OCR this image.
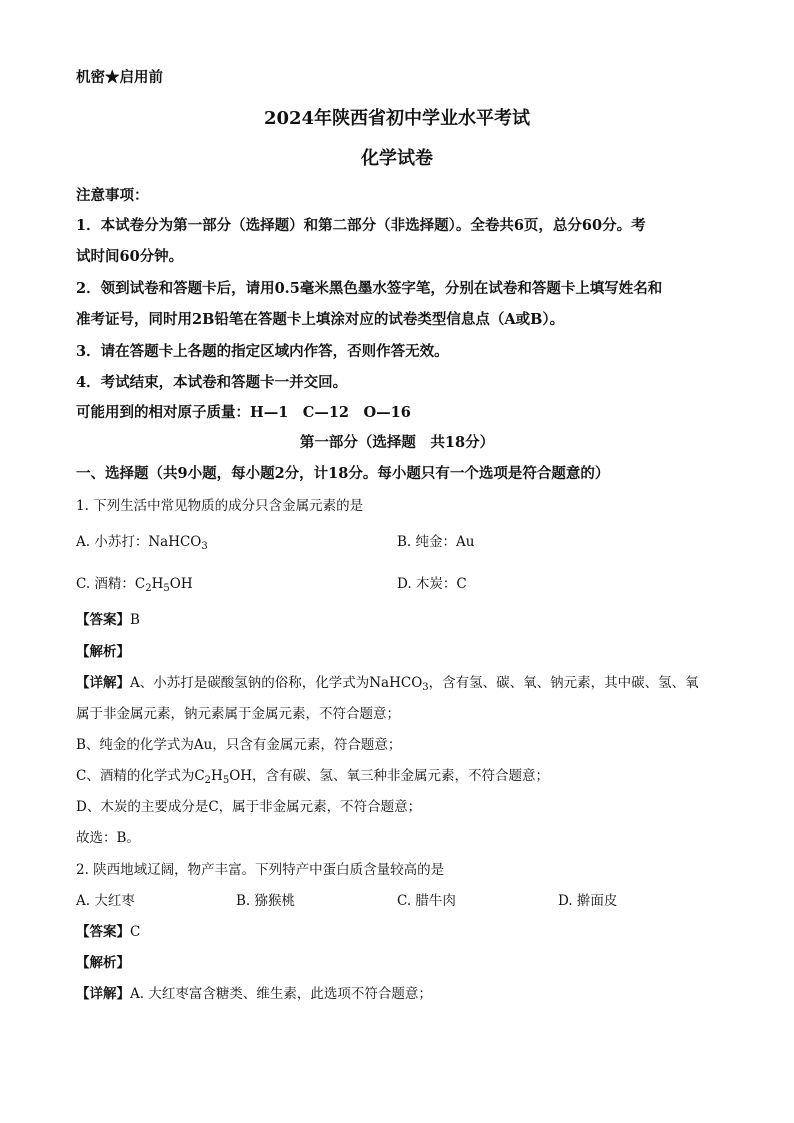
机密★启用前
2024年陕西省初中学业水平考试
化学试卷
注意事项：
1．本试卷分为第一部分（选择题）和第二部分（非选择题）。全卷共6页，总分60分。考
试时间60分钟。
2．领到试卷和答题卡后，请用0.5毫米黑色墨水签字笔，分别在试卷和答题卡上填写姓名和
准考证号，同时用2B铅笔在答题卡上填涂对应的试卷类型信息点（A或B）。
3．请在答题卡上各题的指定区域内作答，否则作答无效。
4．考试结束，本试卷和答题卡一并交回。
可能用到的相对原子质量：H—1　C—12　O—16
第一部分（选择题　共18分）
一、选择题（共9小题，每小题2分，计18分。每小题只有一个选项是符合题意的）
1. 下列生活中常见物质的成分只含金属元素的是
A. 小苏打：NaHCO$_3$	B. 纯金：Au
C. 酒精：$C_2H_5OH$	D. 木炭：C
【答案】B
【解析】
【详解】A、小苏打是碳酸氢钠的俗称，化学式为NaHCO$_3$，含有氢、碳、氧、钠元素，其中碳、氢、氧
属于非金属元素，钠元素属于金属元素，不符合题意；
B、纯金的化学式为Au，只含有金属元素，符合题意；
C、酒精的化学式为$C_2H_5OH$，含有碳、氢、氧三种非金属元素，不符合题意；
D、木炭的主要成分是C，属于非金属元素，不符合题意；
故选：B。
2. 陕西地域辽阔，物产丰富。下列特产中蛋白质含量较高的是
A. 大红枣	B. 猕猴桃	C. 腊牛肉	D. 擀面皮
【答案】C
【解析】
【详解】A. 大红枣富含糖类、维生素，此选项不符合题意；
